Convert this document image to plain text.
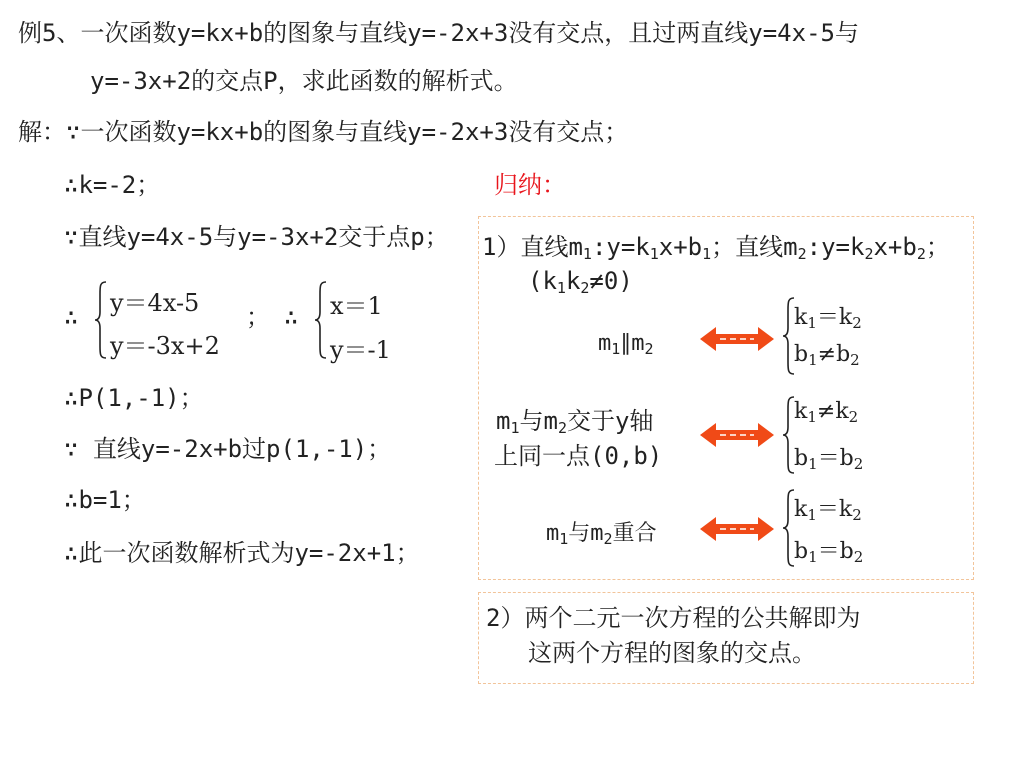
例5、一次函数y=kx+b的图象与直线y=-2x+3没有交点，且过两直线y=4x-5与
y=-3x+2的交点P，求此函数的解析式。
解：∵一次函数y=kx+b的图象与直线y=-2x+3没有交点；
∴k=-2；
∵直线y=4x-5与y=-3x+2交于点p；
∴ y＝4x-5
y＝-3x+2
； ∴ x＝1
y＝-1
∴P(1,-1)；
∵ 直线y=-2x+b过p(1,-1)；
∴b=1；
∴此一次函数解析式为y=-2x+1；
归纳：
1）直线$m_1:y=k_1x+b_1$；直线$m_2:y=k_2x+b_2$；
$(k_1k_2\ne 0)$
$m_1\parallel m_2$
$k_1=k_2$
$b_1\ne b_2$
$m_1$与$m_2$交于y轴
上同一点(0,b)
$k_1\ne k_2$
$b_1=b_2$
$m_1$与$m_2$重合
$k_1=k_2$
$b_1=b_2$
2）两个二元一次方程的公共解即为
这两个方程的图象的交点。
